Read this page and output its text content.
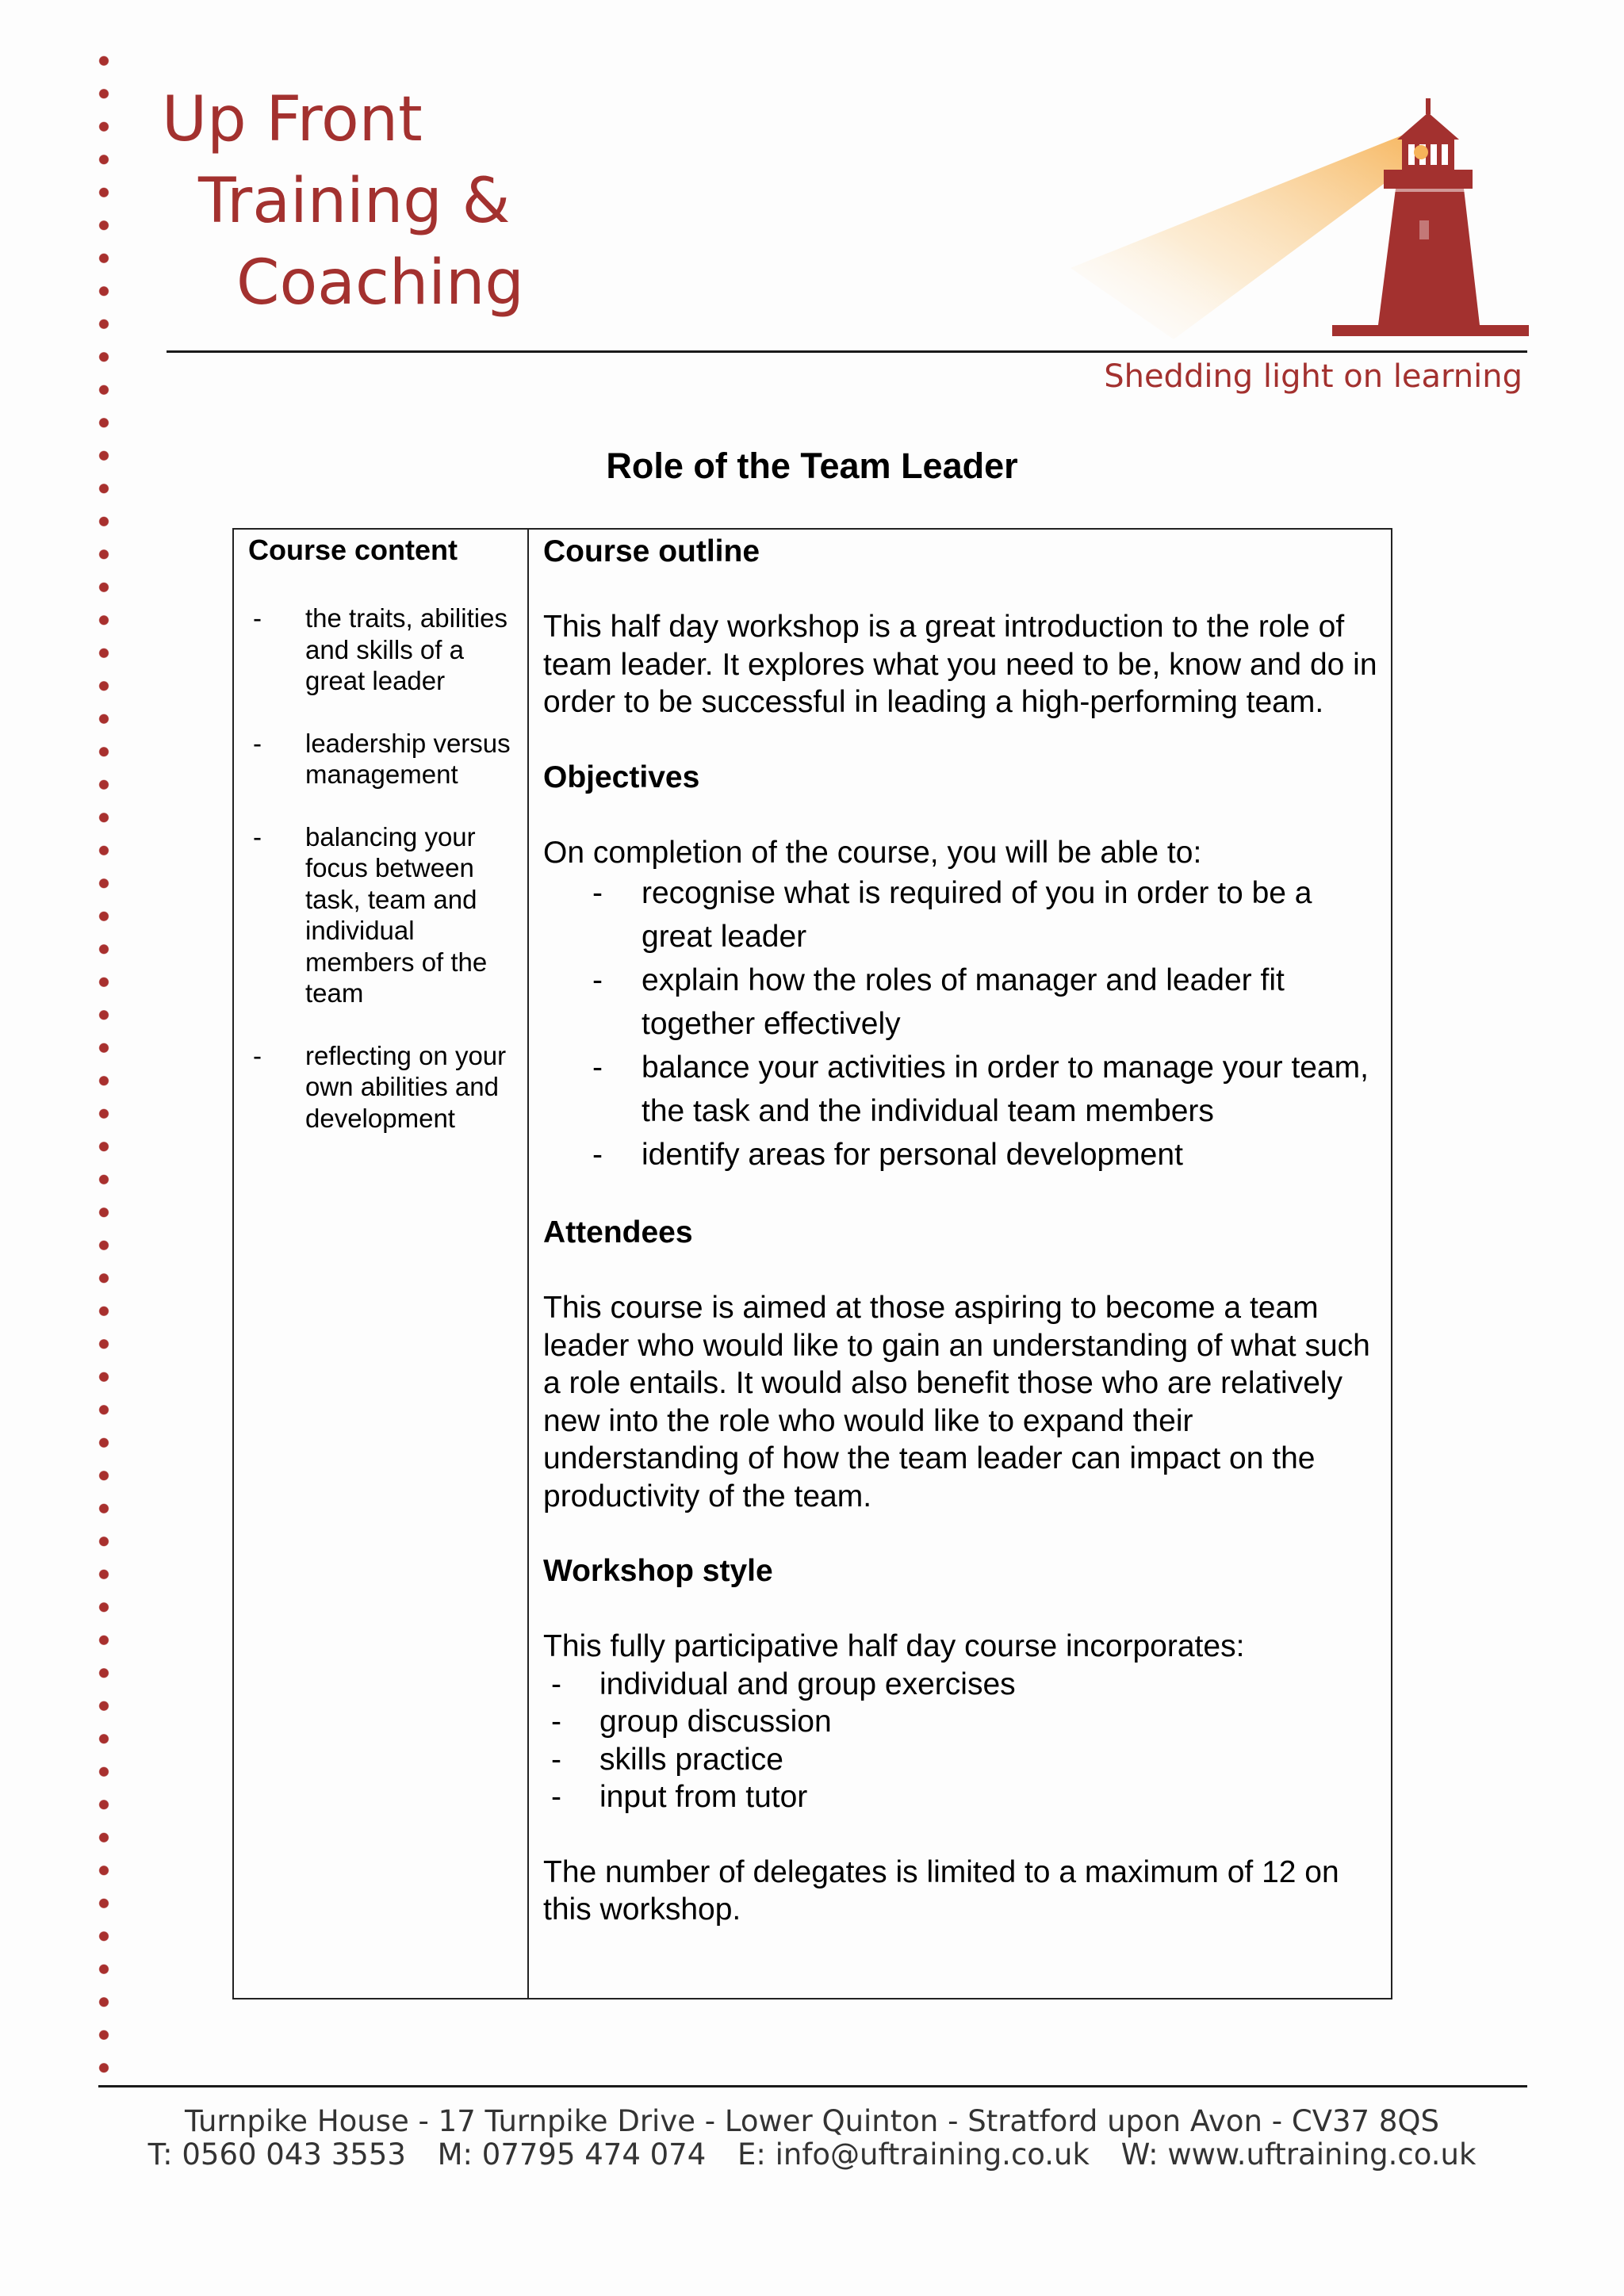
Up Front
Training &
Coaching
Shedding light on learning
Role of the Team Leader
Course content
- the traits, abilities and skills of a great leader
- leadership versus management
- balancing your focus between task, team and individual members of the team
- reflecting on your own abilities and development
Course outline

This half day workshop is a great introduction to the role of team leader. It explores what you need to be, know and do in order to be successful in leading a high-performing team.

Objectives

On completion of the course, you will be able to:

- recognise what is required of you in order to be a great leader
- explain how the roles of manager and leader fit together effectively
- balance your activities in order to manage your team, the task and the individual team members
- identify areas for personal development
Attendees

This course is aimed at those aspiring to become a team leader who would like to gain an understanding of what such a role entails. It would also benefit those who are relatively new into the role who would like to expand their understanding of how the team leader can impact on the productivity of the team.

Workshop style

This fully participative half day course incorporates:

- individual and group exercises
- group discussion
- skills practice
- input from tutor

The number of delegates is limited to a maximum of 12 on this workshop.

Turnpike House - 17 Turnpike Drive - Lower Quinton - Stratford upon Avon - CV37 8QS
T: 0560 043 3553 M: 07795 474 074 E: info@uftraining.co.uk W: www.uftraining.co.uk
